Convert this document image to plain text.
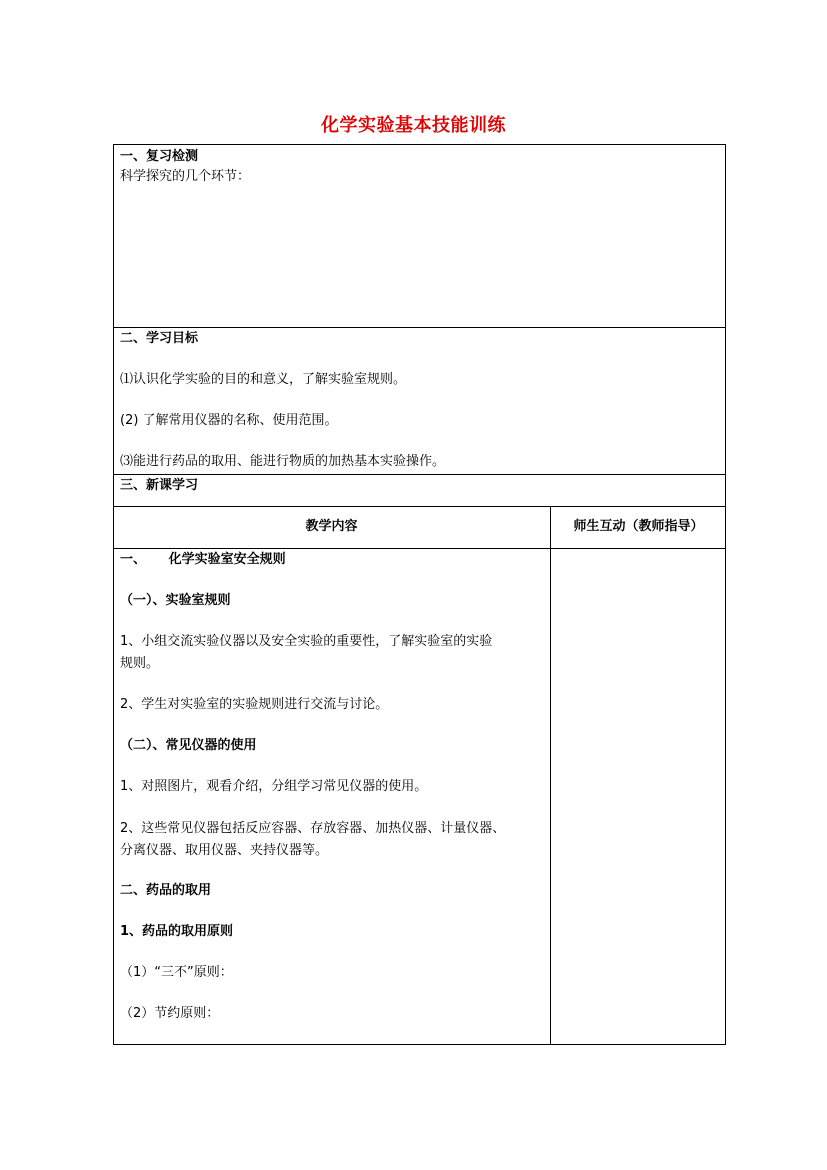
化学实验基本技能训练
一、复习检测
科学探究的几个环节：
二、学习目标
⑴认识化学实验的目的和意义，了解实验室规则。
(2) 了解常用仪器的名称、使用范围。
⑶能进行药品的取用、能进行物质的加热基本实验操作。
三、新课学习
教学内容	师生互动（教师指导）
一、     化学实验室安全规则
（一）、实验室规则
1、小组交流实验仪器以及安全实验的重要性，了解实验室的实验
规则。
2、学生对实验室的实验规则进行交流与讨论。
（二）、常见仪器的使用
1、对照图片，观看介绍，分组学习常见仪器的使用。
2、这些常见仪器包括反应容器、存放容器、加热仪器、计量仪器、
分离仪器、取用仪器、夹持仪器等。
二、药品的取用
1、药品的取用原则
（1）“三不”原则：
（2）节约原则：
